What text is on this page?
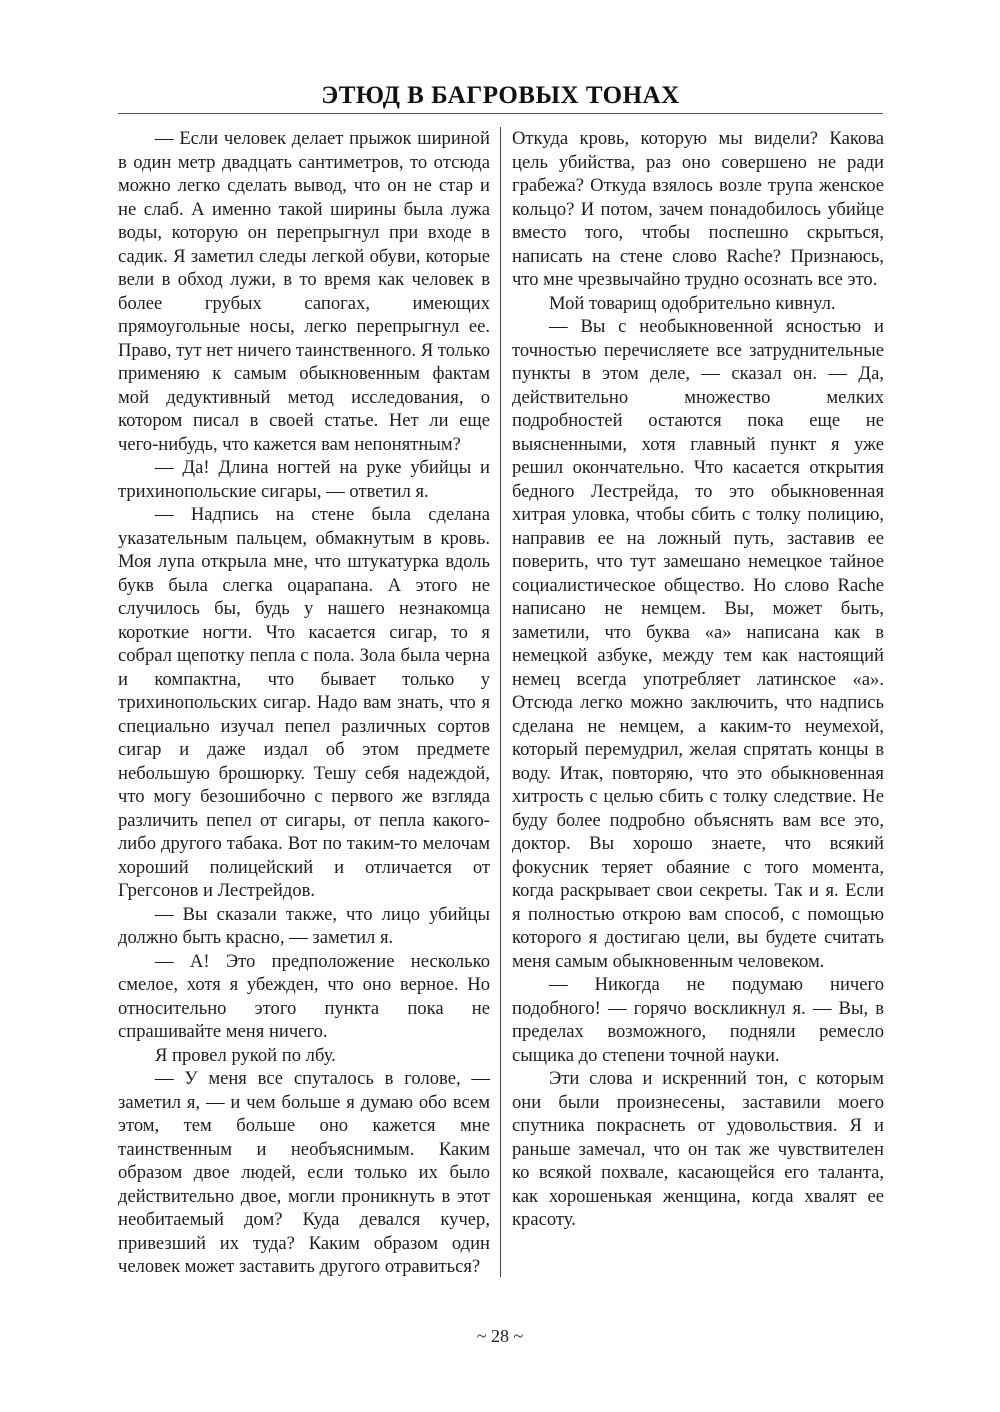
ЭТЮД В БАГРОВЫХ ТОНАХ

— Если человек делает прыжок шириной в один метр двадцать сантиметров, то отсюда можно легко сделать вывод, что он не стар и не слаб. А именно такой ширины была лужа воды, которую он перепрыгнул при входе в садик. Я заметил следы легкой обуви, которые вели в обход лужи, в то время как человек в более грубых сапогах, имеющих прямоугольные носы, легко перепрыгнул ее. Право, тут нет ничего таинственного. Я только применяю к самым обыкновенным фактам мой дедуктивный метод исследования, о котором писал в своей статье. Нет ли еще чего-нибудь, что кажется вам непонятным?

— Да! Длина ногтей на руке убийцы и трихинопольские сигары, — ответил я.

— Надпись на стене была сделана указательным пальцем, обмакнутым в кровь. Моя лупа открыла мне, что штукатурка вдоль букв была слегка оцарапана. А этого не случилось бы, будь у нашего незнакомца короткие ногти. Что касается сигар, то я собрал щепотку пепла с пола. Зола была черна и компактна, что бывает только у трихинопольских сигар. Надо вам знать, что я специально изучал пепел различных сортов сигар и даже издал об этом предмете небольшую брошюрку. Тешу себя надеждой, что могу безошибочно с первого же взгляда различить пепел от сигары, от пепла какого-либо другого табака. Вот по таким-то мелочам хороший полицейский и отличается от Грегсонов и Лестрейдов.

— Вы сказали также, что лицо убийцы должно быть красно, — заметил я.

— А! Это предположение несколько смелое, хотя я убежден, что оно верное. Но относительно этого пункта пока не спрашивайте меня ничего.

Я провел рукой по лбу.

— У меня все спуталось в голове, — заметил я, — и чем больше я думаю обо всем этом, тем больше оно кажется мне таинственным и необъяснимым. Каким образом двое людей, если только их было действительно двое, могли проникнуть в этот необитаемый дом? Куда девался кучер, привезший их туда? Каким образом один человек может заставить другого отравиться?

Откуда кровь, которую мы видели? Какова цель убийства, раз оно совершено не ради грабежа? Откуда взялось возле трупа женское кольцо? И потом, зачем понадобилось убийце вместо того, чтобы поспешно скрыться, написать на стене слово Rache? Признаюсь, что мне чрезвычайно трудно осознать все это.

Мой товарищ одобрительно кивнул.

— Вы с необыкновенной ясностью и точностью перечисляете все затруднительные пункты в этом деле, — сказал он. — Да, действительно множество мелких подробностей остаются пока еще не выясненными, хотя главный пункт я уже решил окончательно. Что касается открытия бедного Лестрейда, то это обыкновенная хитрая уловка, чтобы сбить с толку полицию, направив ее на ложный путь, заставив ее поверить, что тут замешано немецкое тайное социалистическое общество. Но слово Rache написано не немцем. Вы, может быть, заметили, что буква «а» написана как в немецкой азбуке, между тем как настоящий немец всегда употребляет латинское «а». Отсюда легко можно заключить, что надпись сделана не немцем, а каким-то неумехой, который перемудрил, желая спрятать концы в воду. Итак, повторяю, что это обыкновенная хитрость с целью сбить с толку следствие. Не буду более подробно объяснять вам все это, доктор. Вы хорошо знаете, что всякий фокусник теряет обаяние с того момента, когда раскрывает свои секреты. Так и я. Если я полностью открою вам способ, с помощью которого я достигаю цели, вы будете считать меня самым обыкновенным человеком.

— Никогда не подумаю ничего подобного! — горячо воскликнул я. — Вы, в пределах возможного, подняли ремесло сыщика до степени точной науки.

Эти слова и искренний тон, с которым они были произнесены, заставили моего спутника покраснеть от удовольствия. Я и раньше замечал, что он так же чувствителен ко всякой похвале, касающейся его таланта, как хорошенькая женщина, когда хвалят ее красоту.

~ 28 ~
